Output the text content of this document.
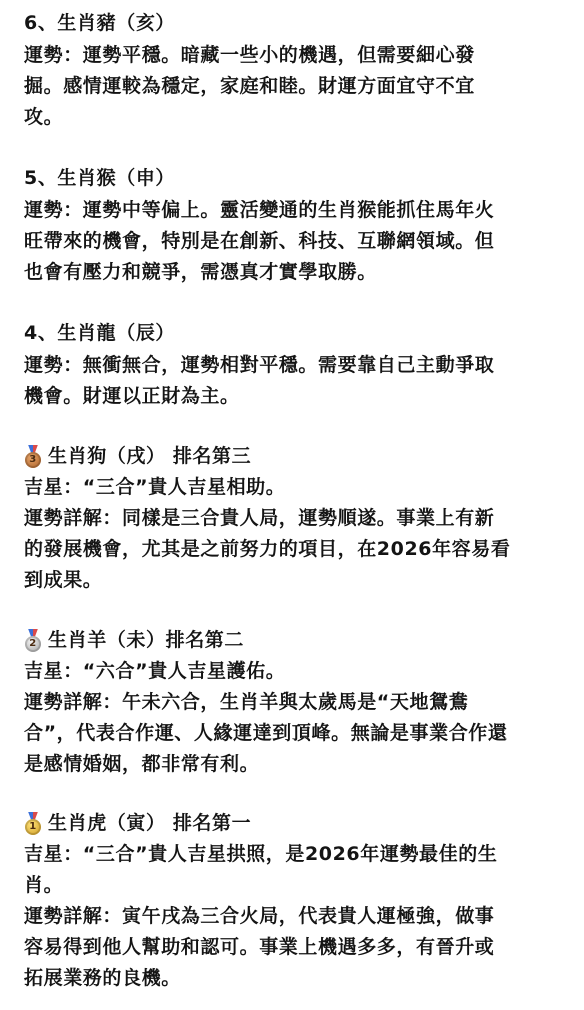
6、生肖豬（亥）
運勢：運勢平穩。暗藏一些小的機遇，但需要細心發
掘。感情運較為穩定，家庭和睦。財運方面宜守不宜
攻。
5、生肖猴（申）
運勢：運勢中等偏上。靈活變通的生肖猴能抓住馬年火
旺帶來的機會，特別是在創新、科技、互聯網領域。但
也會有壓力和競爭，需憑真才實學取勝。
4、生肖龍（辰）
運勢：無衝無合，運勢相對平穩。需要靠自己主動爭取
機會。財運以正財為主。
3 生肖狗（戌） 排名第三
吉星：“三合”貴人吉星相助。
運勢詳解：同樣是三合貴人局，運勢順遂。事業上有新
的發展機會，尤其是之前努力的項目，在2026年容易看
到成果。
2 生肖羊（未）排名第二
吉星：“六合”貴人吉星護佑。
運勢詳解：午未六合，生肖羊與太歲馬是“天地鴛鴦
合”，代表合作運、人緣運達到頂峰。無論是事業合作還
是感情婚姻，都非常有利。
1 生肖虎（寅） 排名第一
吉星：“三合”貴人吉星拱照，是2026年運勢最佳的生
肖。
運勢詳解：寅午戌為三合火局，代表貴人運極強，做事
容易得到他人幫助和認可。事業上機遇多多，有晉升或
拓展業務的良機。
